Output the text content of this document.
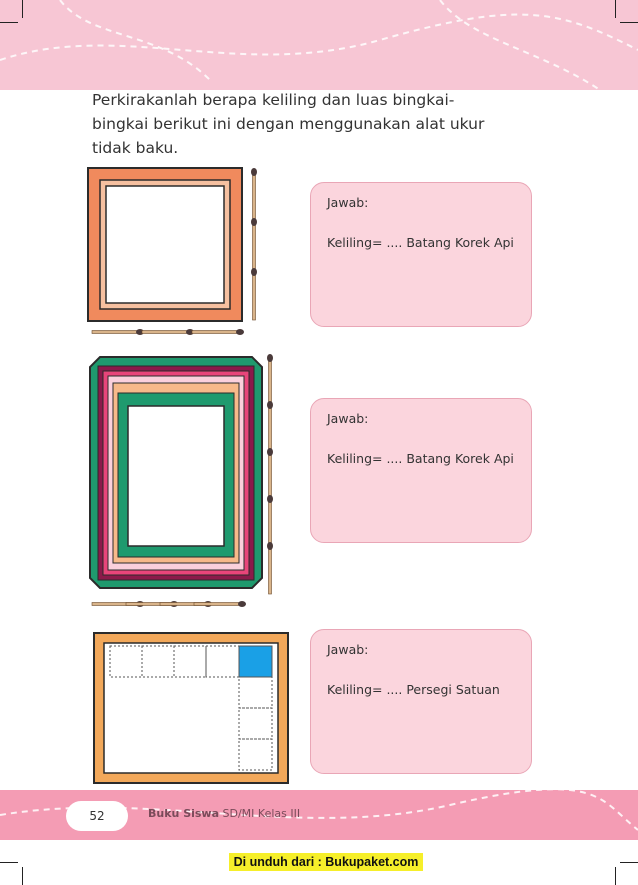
Perkirakanlah berapa keliling dan luas bingkai-
bingkai berikut ini dengan menggunakan alat ukur
tidak baku.
Jawab:
Keliling= .... Batang Korek Api
Jawab:
Keliling= .... Batang Korek Api
Jawab:
Keliling= .... Persegi Satuan
52	Buku Siswa SD/MI Kelas III
Di unduh dari : Bukupaket.com
